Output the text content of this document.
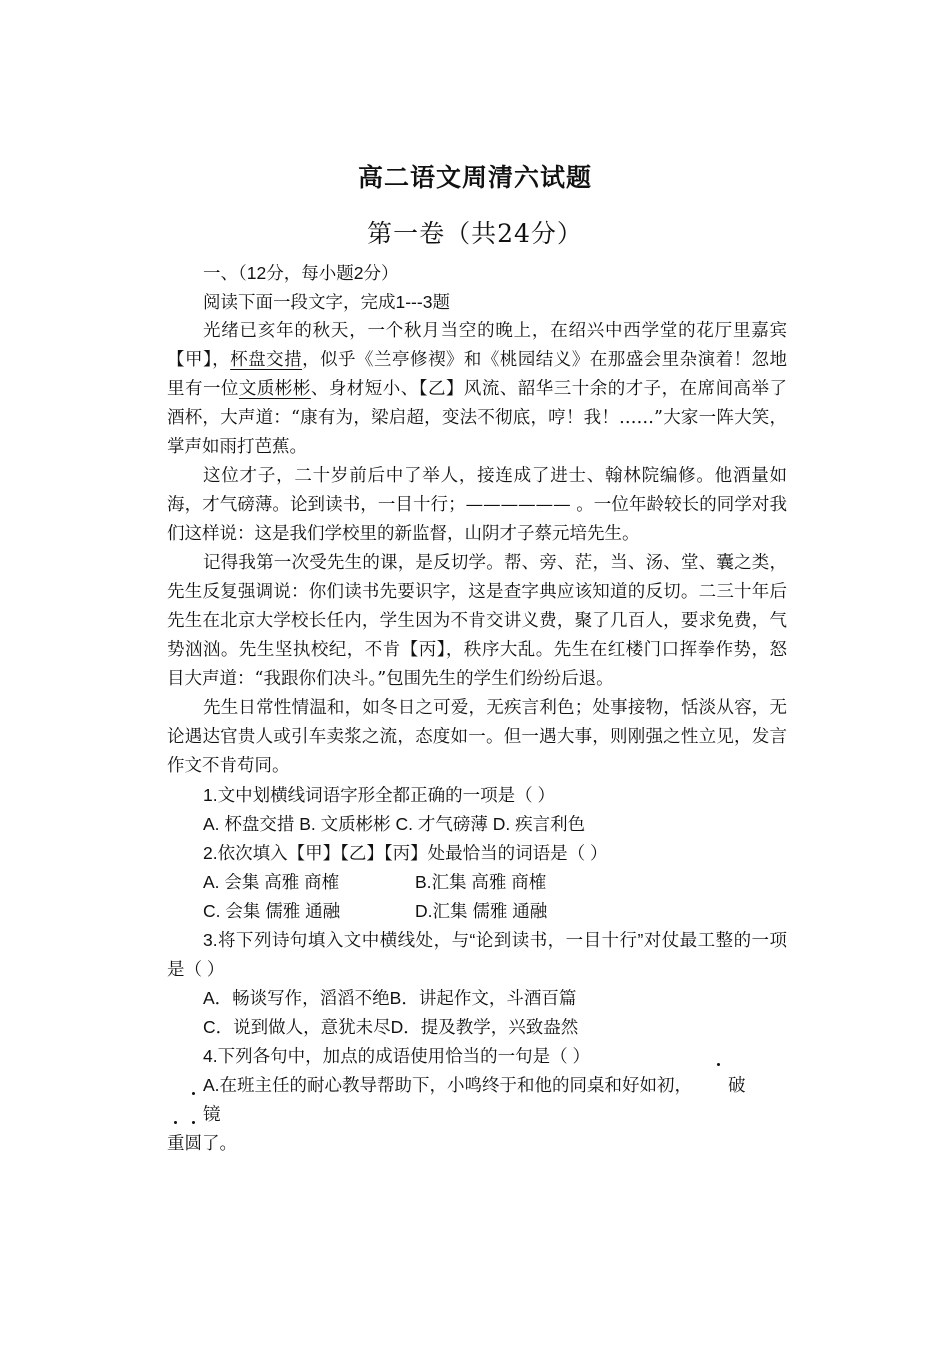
高二语文周清六试题
第一卷（共24分）

一、（12分，每小题2分）

阅读下面一段文字，完成1---3题

光绪已亥年的秋天，一个秋月当空的晚上，在绍兴中西学堂的花厅里嘉宾【甲】，杯盘交措，似乎《兰亭修禊》和《桃园结义》在那盛会里杂演着！忽地里有一位文质彬彬、身材短小、【乙】风流、韶华三十余的才子，在席间高举了酒杯，大声道：“康有为，梁启超，变法不彻底，哼！我！……”大家一阵大笑，掌声如雨打芭蕉。

这位才子，二十岁前后中了举人，接连成了进士、翰林院编修。他酒量如海，才气磅薄。论到读书，一目十行；—————— 。一位年龄较长的同学对我们这样说：这是我们学校里的新监督，山阴才子蔡元培先生。

记得我第一次受先生的课，是反切学。帮、旁、茫，当、汤、堂、囊之类，先生反复强调说：你们读书先要识字，这是查字典应该知道的反切。二三十年后先生在北京大学校长任内，学生因为不肯交讲义费，聚了几百人，要求免费，气势汹汹。先生坚执校纪，不肯【丙】，秩序大乱。先生在红楼门口挥拳作势，怒目大声道：“我跟你们决斗。”包围先生的学生们纷纷后退。

先生日常性情温和，如冬日之可爱，无疾言利色；处事接物，恬淡从容，无论遇达官贵人或引车卖浆之流，态度如一。但一遇大事，则刚强之性立见，发言作文不肯苟同。

1.文中划横线词语字形全都正确的一项是（ ）

A. 杯盘交措 B. 文质彬彬 C. 才气磅薄 D. 疾言利色

2.依次填入【甲】【乙】【丙】处最恰当的词语是（ ）

A. 会集 高雅 商榷	B.汇集 高雅 商榷

C. 会集 儒雅 通融	D.汇集 儒雅 通融

3.将下列诗句填入文中横线处，与“论到读书，一目十行”对仗最工整的一项是（ ）

A．畅谈写作，滔滔不绝B．讲起作文，斗酒百篇

C．说到做人，意犹未尽D．提及教学，兴致盎然

4.下列各句中，加点的成语使用恰当的一句是（ ）

A.在班主任的耐心教导帮助下，小鸣终于和他的同桌和好如初， 破镜

重圆了。
